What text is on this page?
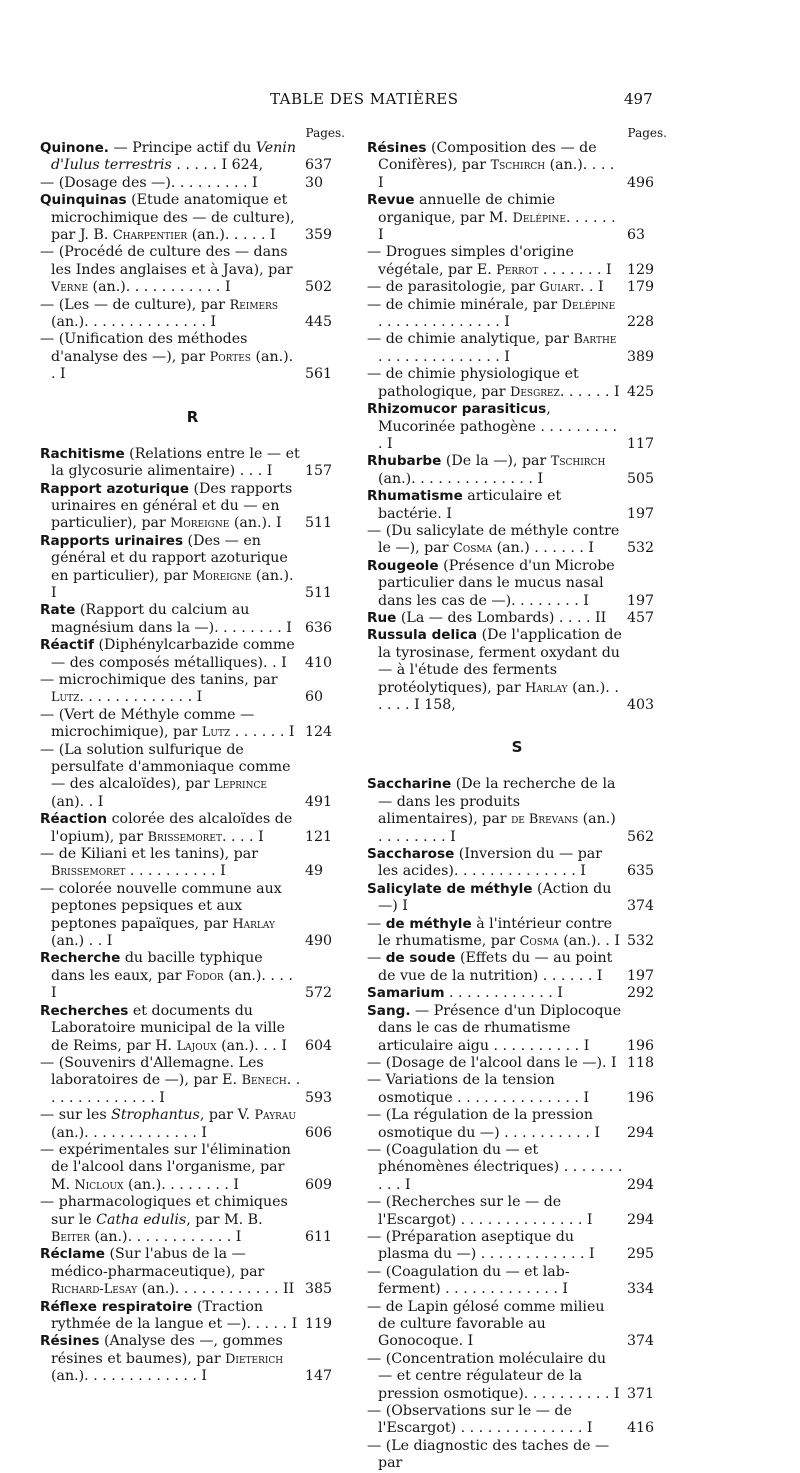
TABLE DES MATIÈRES	497
Pages.
Quinone. — Principe actif du Venin d'Iulus terrestris . . . . . I 624,	637
— (Dosage des —). . . . . . . . . I	30
Quinquinas (Etude anatomique et microchimique des — de culture), par J. B. Charpentier (an.). . . . . I	359
— (Procédé de culture des — dans les Indes anglaises et à Java), par Verne (an.). . . . . . . . . . . I	502
— (Les — de culture), par Reimers (an.). . . . . . . . . . . . . . I	445
— (Unification des méthodes d'analyse des —), par Portes (an.). . I	561
R
Rachitisme (Relations entre le — et la glycosurie alimentaire) . . . I	157
Rapport azoturique (Des rapports urinaires en général et du — en particulier), par Moreigne (an.). I	511
Rapports urinaires (Des — en général et du rapport azoturique en particulier), par Moreigne (an.). I	511
Rate (Rapport du calcium au magnésium dans la —). . . . . . . . I 636
Réactif (Diphénylcarbazide comme — des composés métalliques). . I	410
— microchimique des tanins, par Lutz. . . . . . . . . . . . . I	60
— (Vert de Méthyle comme — microchimique), par Lutz . . . . . . I 124
— (La solution sulfurique de persulfate d'ammoniaque comme — des alcaloïdes), par Leprince (an). . I	491
Réaction colorée des alcaloïdes de l'opium), par Brissemoret. . . . I	121
— de Kiliani et les tanins), par Brissemoret . . . . . . . . . . I	49
— colorée nouvelle commune aux peptones pepsiques et aux peptones papaïques, par Harlay (an.) . . I	490
Recherche du bacille typhique dans les eaux, par Fodor (an.). . . . I	572
Recherches et documents du Laboratoire municipal de la ville de Reims, par H. Lajoux (an.). . . I	604
— (Souvenirs d'Allemagne. Les laboratoires de —), par E. Benech. . . . . . . . . . . . . . I	593
— sur les Strophantus, par V. Payrau (an.). . . . . . . . . . . . . I	606
— expérimentales sur l'élimination de l'alcool dans l'organisme, par M. Nicloux (an.). . . . . . . . I	609
— pharmacologiques et chimiques sur le Catha edulis, par M. B. Beiter (an.). . . . . . . . . . . . I	611
Réclame (Sur l'abus de la — médico-pharmaceutique), par Richard-Lesay (an.). . . . . . . . . . . . II 385
Réflexe respiratoire (Traction rythmée de la langue et —). . . . . I 119
Résines (Analyse des —, gommes résines et baumes), par Dieterich (an.). . . . . . . . . . . . . I	147
Pages.
Résines (Composition des — de Conifères), par Tschirch (an.). . . . I	496
Revue annuelle de chimie organique, par M. Delépine. . . . . . I	63
— Drogues simples d'origine végétale, par E. Perrot . . . . . . . I	129
— de parasitologie, par Guiart. . I	179
— de chimie minérale, par Delépine . . . . . . . . . . . . . . I	228
— de chimie analytique, par Barthe . . . . . . . . . . . . . . I	389
— de chimie physiologique et pathologique, par Desgrez. . . . . . I 425
Rhizomucor parasiticus, Mucorinée pathogène . . . . . . . . . . I	117
Rhubarbe (De la —), par Tschirch (an.). . . . . . . . . . . . . . I	505
Rhumatisme articulaire et bactérie. I	197
— (Du salicylate de méthyle contre le —), par Cosma (an.) . . . . . . I	532
Rougeole (Présence d'un Microbe particulier dans le mucus nasal dans les cas de —). . . . . . . . I	197
Rue (La — des Lombards) . . . . II	457
Russula delica (De l'application de la tyrosinase, ferment oxydant du — à l'étude des ferments protéolytiques), par Harlay (an.). . . . . . I 158,	403
S
Saccharine (De la recherche de la — dans les produits alimentaires), par de Brevans (an.) . . . . . . . . I	562
Saccharose (Inversion du — par les acides). . . . . . . . . . . . . . I	635
Salicylate de méthyle (Action du —) I	374
— de méthyle à l'intérieur contre le rhumatisme, par Cosma (an.). . I 532
— de soude (Effets du — au point de vue de la nutrition) . . . . . . I	197
Samarium . . . . . . . . . . . . I	292
Sang. — Présence d'un Diplocoque dans le cas de rhumatisme articulaire aigu . . . . . . . . . . I	196
— (Dosage de l'alcool dans le —). I 118
— Variations de la tension osmotique . . . . . . . . . . . . . . I	196
— (La régulation de la pression osmotique du —) . . . . . . . . . . I	294
— (Coagulation du — et phénomènes électriques) . . . . . . . . . . I	294
— (Recherches sur le — de l'Escargot) . . . . . . . . . . . . . . I	294
— (Préparation aseptique du plasma du —) . . . . . . . . . . . . I	295
— (Coagulation du — et lab-ferment) . . . . . . . . . . . . . I	334
— de Lapin gélosé comme milieu de culture favorable au Gonocoque. I	374
— (Concentration moléculaire du — et centre régulateur de la pression osmotique). . . . . . . . . . I 371
— (Observations sur le — de l'Escargot) . . . . . . . . . . . . . . I	416
— (Le diagnostic des taches de — par
